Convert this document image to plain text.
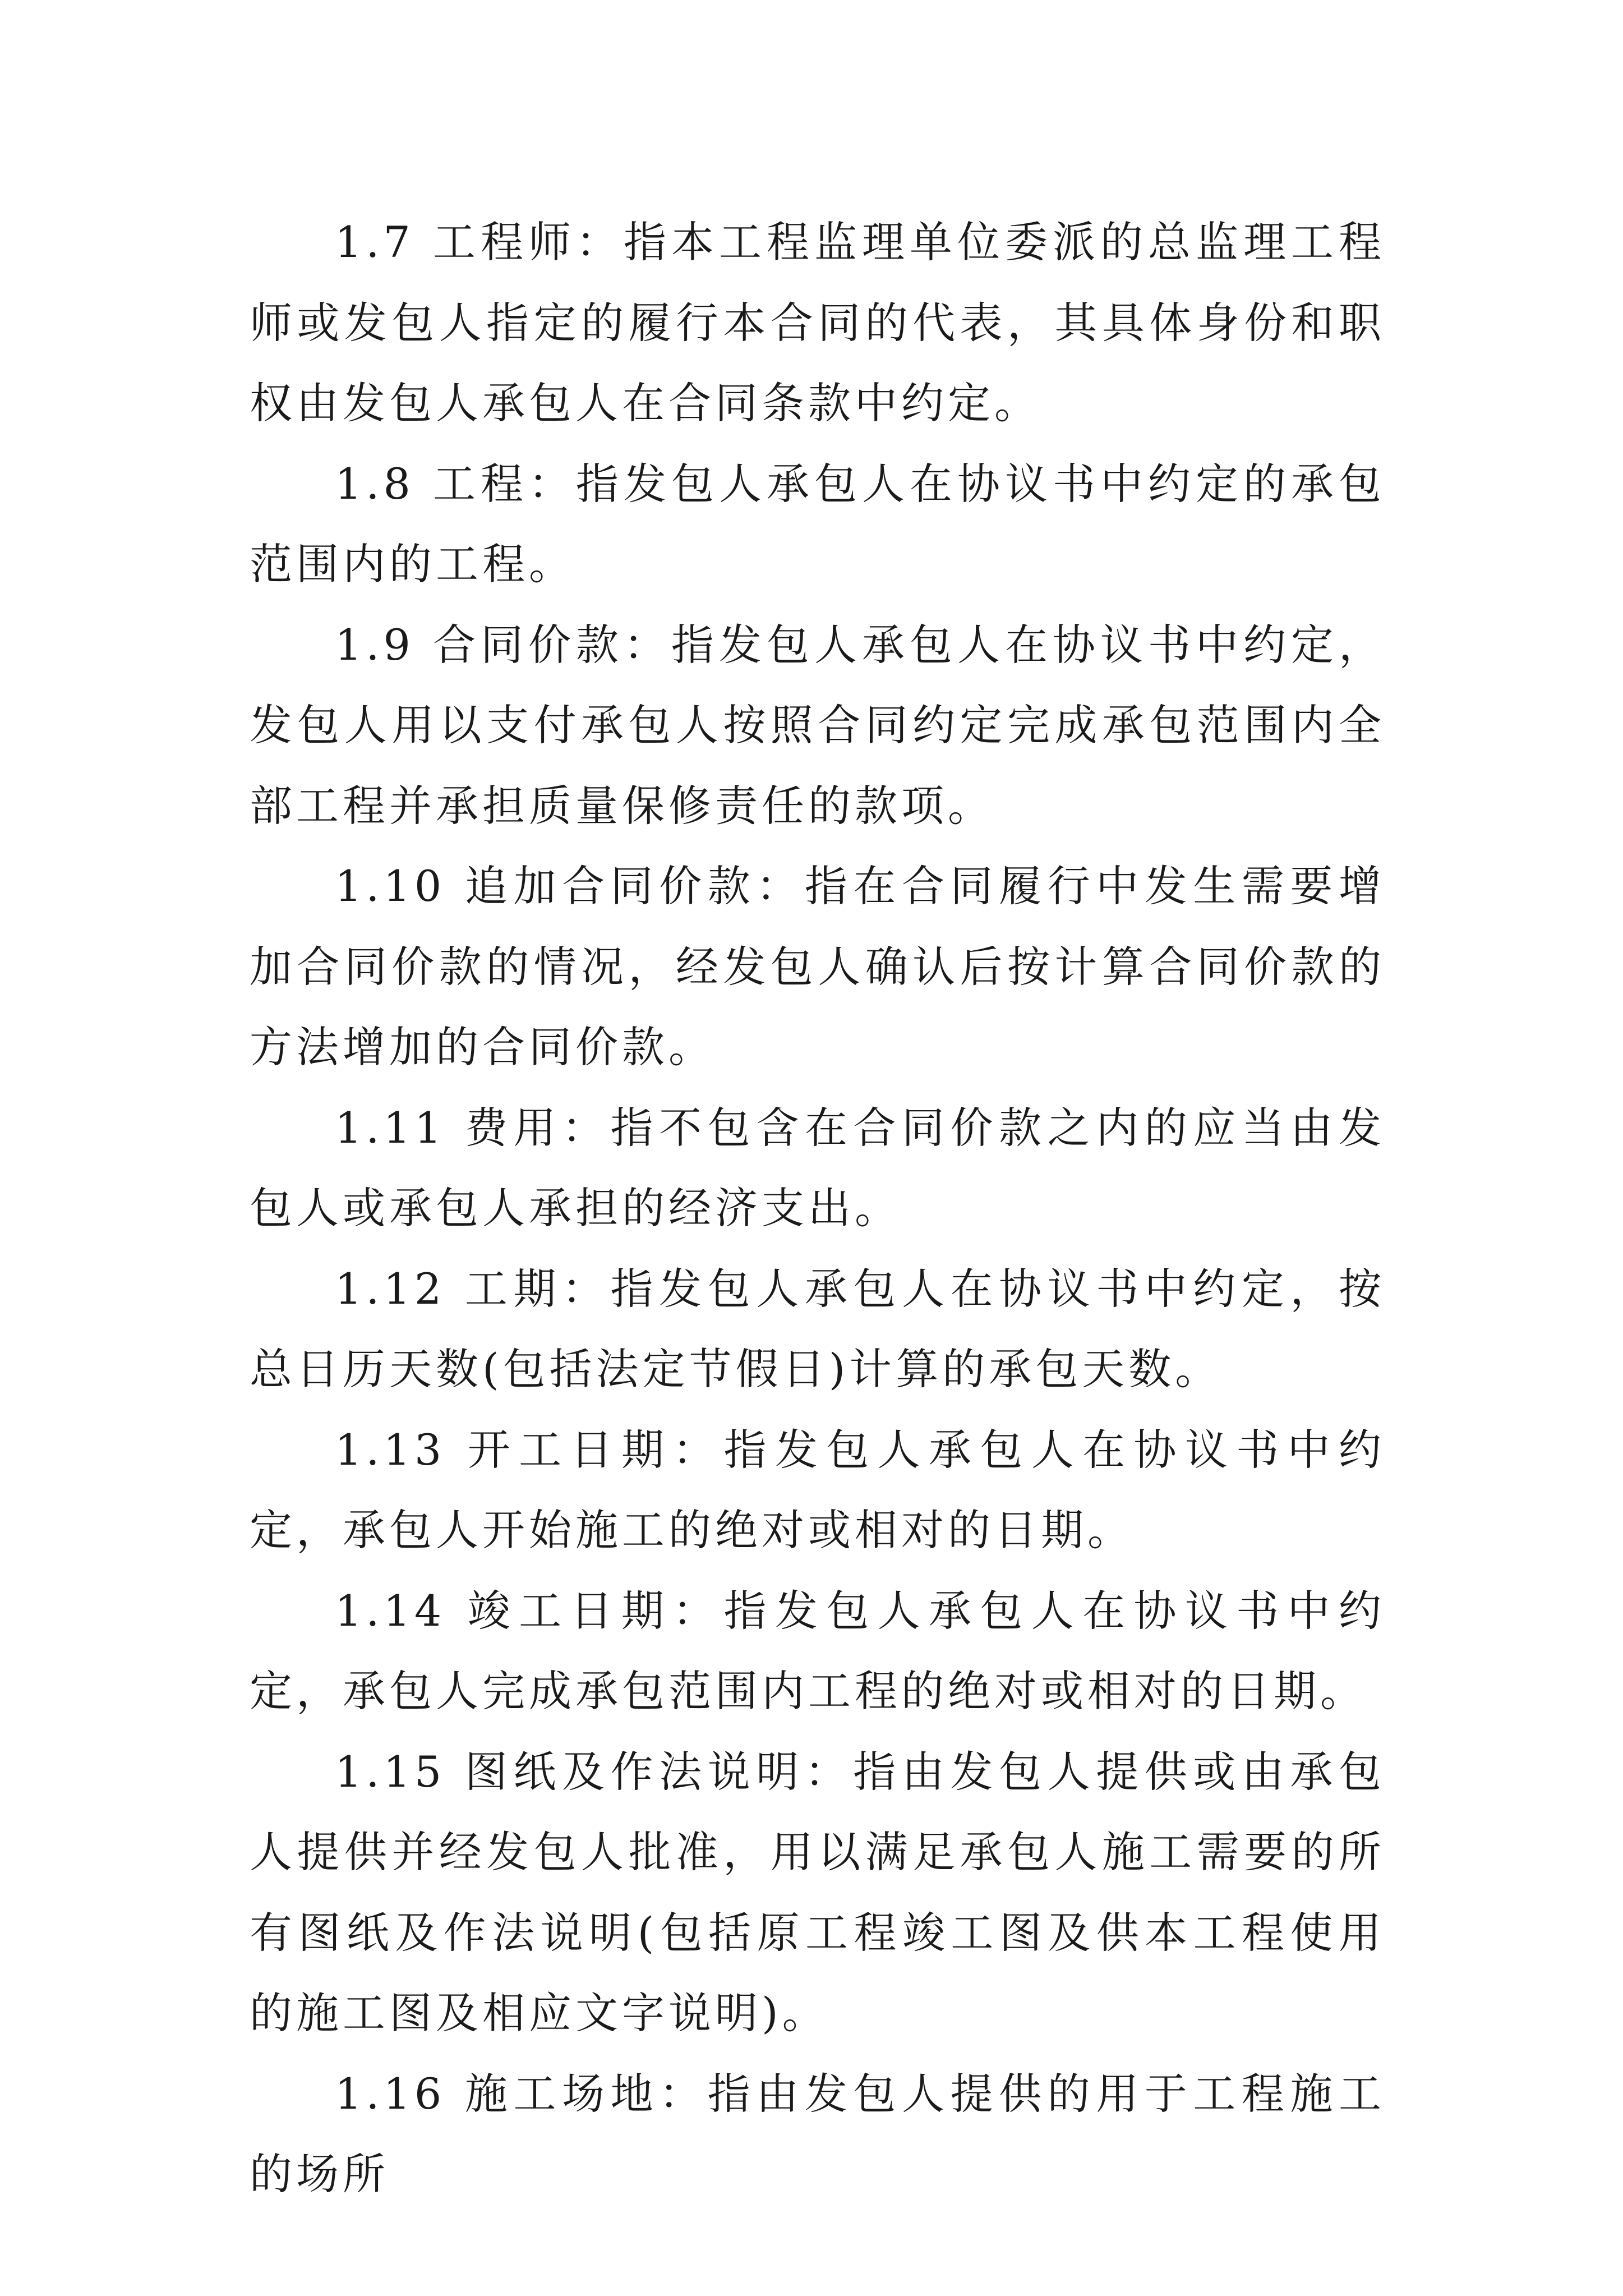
1.7 工程师：指本工程监理单位委派的总监理工程师或发包人指定的履行本合同的代表，其具体身份和职权由发包人承包人在合同条款中约定。

1.8 工程：指发包人承包人在协议书中约定的承包范围内的工程。

1.9 合同价款：指发包人承包人在协议书中约定，发包人用以支付承包人按照合同约定完成承包范围内全部工程并承担质量保修责任的款项。

1.10 追加合同价款：指在合同履行中发生需要增加合同价款的情况，经发包人确认后按计算合同价款的方法增加的合同价款。

1.11 费用：指不包含在合同价款之内的应当由发包人或承包人承担的经济支出。

1.12 工期：指发包人承包人在协议书中约定，按总日历天数(包括法定节假日)计算的承包天数。

1.13 开工日期：指发包人承包人在协议书中约定，承包人开始施工的绝对或相对的日期。

1.14 竣工日期：指发包人承包人在协议书中约定，承包人完成承包范围内工程的绝对或相对的日期。

1.15 图纸及作法说明：指由发包人提供或由承包人提供并经发包人批准，用以满足承包人施工需要的所有图纸及作法说明(包括原工程竣工图及供本工程使用的施工图及相应文字说明)。

1.16 施工场地：指由发包人提供的用于工程施工的场所
